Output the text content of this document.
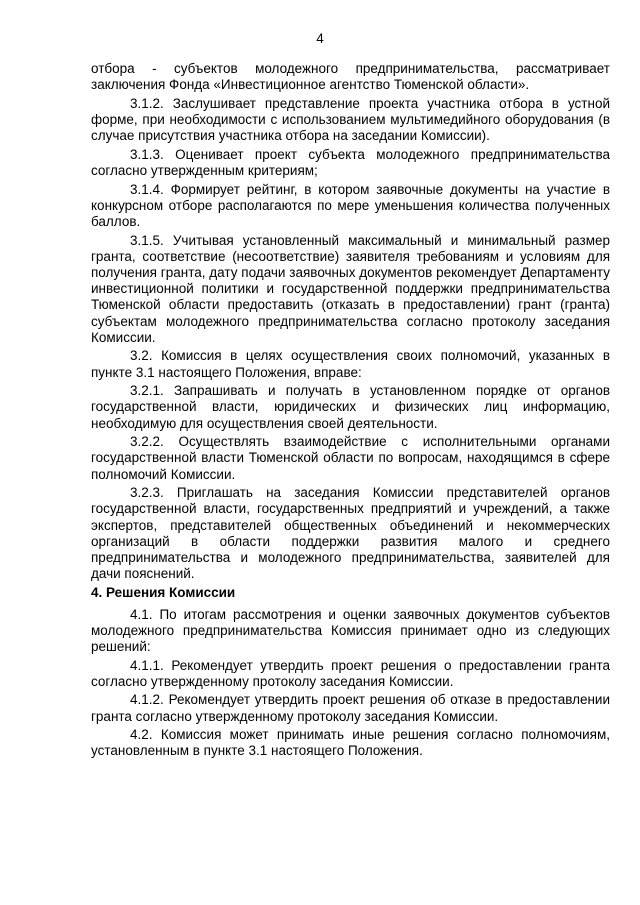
4

отбора - субъектов молодежного предпринимательства, рассматривает заключения Фонда «Инвестиционное агентство Тюменской области».

3.1.2. Заслушивает представление проекта участника отбора в устной форме, при необходимости с использованием мультимедийного оборудования (в случае присутствия участника отбора на заседании Комиссии).

3.1.3. Оценивает проект субъекта молодежного предпринимательства согласно утвержденным критериям;

3.1.4. Формирует рейтинг, в котором заявочные документы на участие в конкурсном отборе располагаются по мере уменьшения количества полученных баллов.

3.1.5. Учитывая установленный максимальный и минимальный размер гранта, соответствие (несоответствие) заявителя требованиям и условиям для получения гранта, дату подачи заявочных документов рекомендует Департаменту инвестиционной политики и государственной поддержки предпринимательства Тюменской области предоставить (отказать в предоставлении) грант (гранта) субъектам молодежного предпринимательства согласно протоколу заседания Комиссии.

3.2. Комиссия в целях осуществления своих полномочий, указанных в пункте 3.1 настоящего Положения, вправе:

3.2.1. Запрашивать и получать в установленном порядке от органов государственной власти, юридических и физических лиц информацию, необходимую для осуществления своей деятельности.

3.2.2. Осуществлять взаимодействие с исполнительными органами государственной власти Тюменской области по вопросам, находящимся в сфере полномочий Комиссии.

3.2.3. Приглашать на заседания Комиссии представителей органов государственной власти, государственных предприятий и учреждений, а также экспертов, представителей общественных объединений и некоммерческих организаций в области поддержки развития малого и среднего предпринимательства и молодежного предпринимательства, заявителей для дачи пояснений.

4. Решения Комиссии

4.1. По итогам рассмотрения и оценки заявочных документов субъектов молодежного предпринимательства Комиссия принимает одно из следующих решений:

4.1.1. Рекомендует утвердить проект решения о предоставлении гранта согласно утвержденному протоколу заседания Комиссии.

4.1.2. Рекомендует утвердить проект решения об отказе в предоставлении гранта согласно утвержденному протоколу заседания Комиссии.

4.2. Комиссия может принимать иные решения согласно полномочиям, установленным в пункте 3.1 настоящего Положения.
